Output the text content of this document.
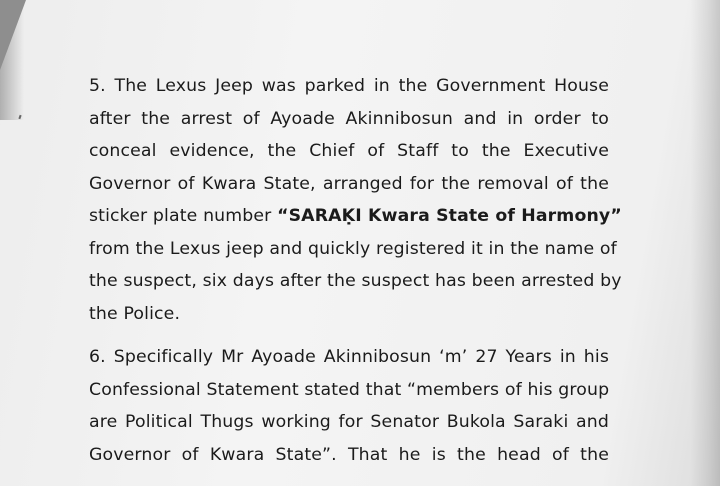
5. The Lexus Jeep was parked in the Government House
after the arrest of Ayoade Akinnibosun and in order to
conceal evidence, the Chief of Staff to the Executive
Governor of Kwara State, arranged for the removal of the
sticker plate number “SARAḲI Kwara State of Harmony”
from the Lexus jeep and quickly registered it in the name of
the suspect, six days after the suspect has been arrested by
the Police.
6. Specifically Mr Ayoade Akinnibosun ‘m’ 27 Years in his
Confessional Statement stated that “members of his group
are Political Thugs working for Senator Bukola Saraki and
Governor of Kwara State”. That he is the head of the
